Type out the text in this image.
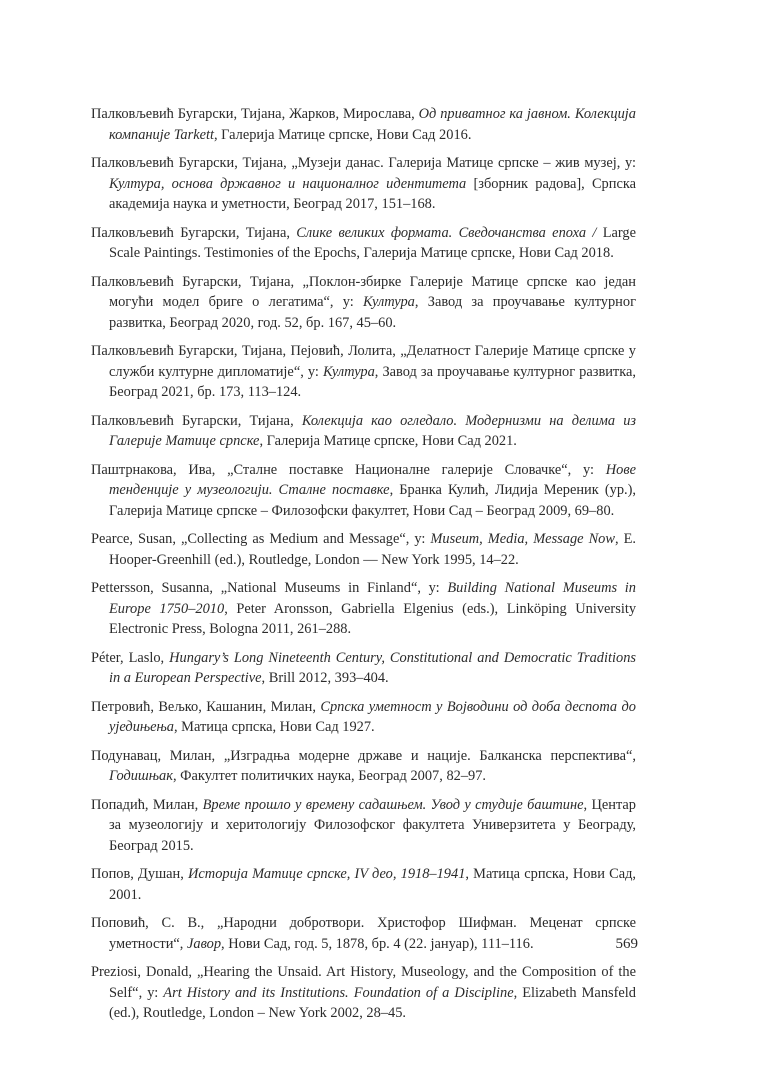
Палковљевић Бугарски, Тијана, Жарков, Мирослава, Од приватног ка јавном. Колекција компаније Tarkett, Галерија Матице српске, Нови Сад 2016.
Палковљевић Бугарски, Тијана, „Музеји данас. Галерија Матице српске – жив музеј, у: Култура, основа државног и националног идентитета [зборник радова], Српска академија наука и уметности, Београд 2017, 151–168.
Палковљевић Бугарски, Тијана, Слике великих формата. Сведочанства епоха / Large Scale Paintings. Testimonies of the Epochs, Галерија Матице српске, Нови Сад 2018.
Палковљевић Бугарски, Тијана, „Поклон-збирке Галерије Матице српске као један могући модел бриге о легатима“, у: Култура, Завод за проучавање културног развитка, Београд 2020, год. 52, бр. 167, 45–60.
Палковљевић Бугарски, Тијана, Пејовић, Лолита, „Делатност Галерије Матице српске у служби културне дипломатије“, у: Култура, Завод за проучавање културног развитка, Београд 2021, бр. 173, 113–124.
Палковљевић Бугарски, Тијана, Колекција као огледало. Модернизми на делима из Галерије Матице српске, Галерија Матице српске, Нови Сад 2021.
Паштрнакова, Ива, „Сталне поставке Националне галерије Словачке“, у: Нове тенденције у музеологији. Сталне поставке, Бранка Кулић, Лидија Мереник (ур.), Галерија Матице српске – Филозофски факултет, Нови Сад – Београд 2009, 69–80.
Pearce, Susan, „Collecting as Medium and Message“, у: Museum, Media, Message Now, E. Hooper-Greenhill (ed.), Routledge, London — New York 1995, 14–22.
Pettersson, Susanna, „National Museums in Finland“, у: Building National Museums in Europe 1750–2010, Peter Aronsson, Gabriella Elgenius (eds.), Linköping University Electronic Press, Bologna 2011, 261–288.
Péter, Laslo, Hungary’s Long Nineteenth Century, Constitutional and Democratic Traditions in a European Perspective, Brill 2012, 393–404.
Петровић, Вељко, Кашанин, Милан, Српска уметност у Војводини од доба деспота до уједињења, Матица српска, Нови Сад 1927.
Подунавац, Милан, „Изградња модерне државе и нације. Балканска перспектива“, Годишњак, Факултет политичких наука, Београд 2007, 82–97.
Попадић, Милан, Време прошло у времену садашњем. Увод у студије баштине, Центар за музеологију и херитологију Филозофског факултета Универзитета у Београду, Београд 2015.
Попов, Душан, Историја Матице српске, IV део, 1918–1941, Матица српска, Нови Сад, 2001.
Поповић, С. В., „Народни добротвори. Христофор Шифман. Меценат српске уметности“, Јавор, Нови Сад, год. 5, 1878, бр. 4 (22. јануар), 111–116.
Preziosi, Donald, „Hearing the Unsaid. Art History, Museology, and the Composition of the Self“, у: Art History and its Institutions. Foundation of a Discipline, Elizabeth Mansfeld (ed.), Routledge, London – New York 2002, 28–45.
569
